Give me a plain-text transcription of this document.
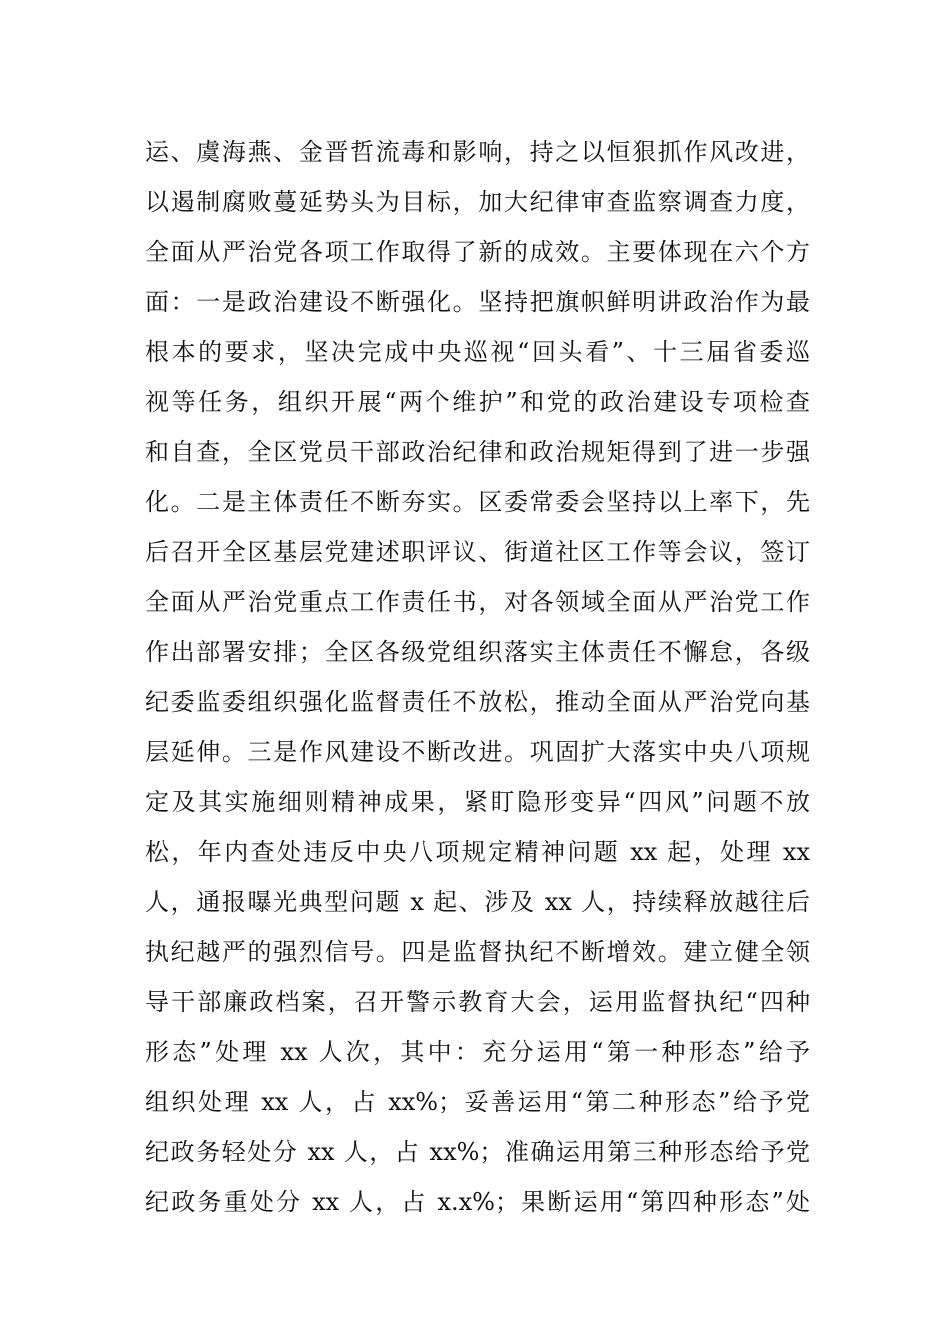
运、虞海燕、金晋哲流毒和影响，持之以恒狠抓作风改进，
以遏制腐败蔓延势头为目标，加大纪律审查监察调查力度，
全面从严治党各项工作取得了新的成效。主要体现在六个方
面：一是政治建设不断强化。坚持把旗帜鲜明讲政治作为最
根本的要求，坚决完成中央巡视“回头看”、十三届省委巡
视等任务，组织开展“两个维护”和党的政治建设专项检查
和自查，全区党员干部政治纪律和政治规矩得到了进一步强
化。二是主体责任不断夯实。区委常委会坚持以上率下，先
后召开全区基层党建述职评议、街道社区工作等会议，签订
全面从严治党重点工作责任书，对各领域全面从严治党工作
作出部署安排；全区各级党组织落实主体责任不懈怠，各级
纪委监委组织强化监督责任不放松，推动全面从严治党向基
层延伸。三是作风建设不断改进。巩固扩大落实中央八项规
定及其实施细则精神成果，紧盯隐形变异“四风”问题不放
松，年内查处违反中央八项规定精神问题 xx 起，处理 xx
人，通报曝光典型问题 x 起、涉及 xx 人，持续释放越往后
执纪越严的强烈信号。四是监督执纪不断增效。建立健全领
导干部廉政档案，召开警示教育大会，运用监督执纪“四种
形态”处理 xx 人次，其中：充分运用“第一种形态”给予
组织处理 xx 人，占 xx%；妥善运用“第二种形态”给予党
纪政务轻处分 xx 人，占 xx%；准确运用第三种形态给予党
纪政务重处分 xx 人，占 x.x%；果断运用“第四种形态”处
